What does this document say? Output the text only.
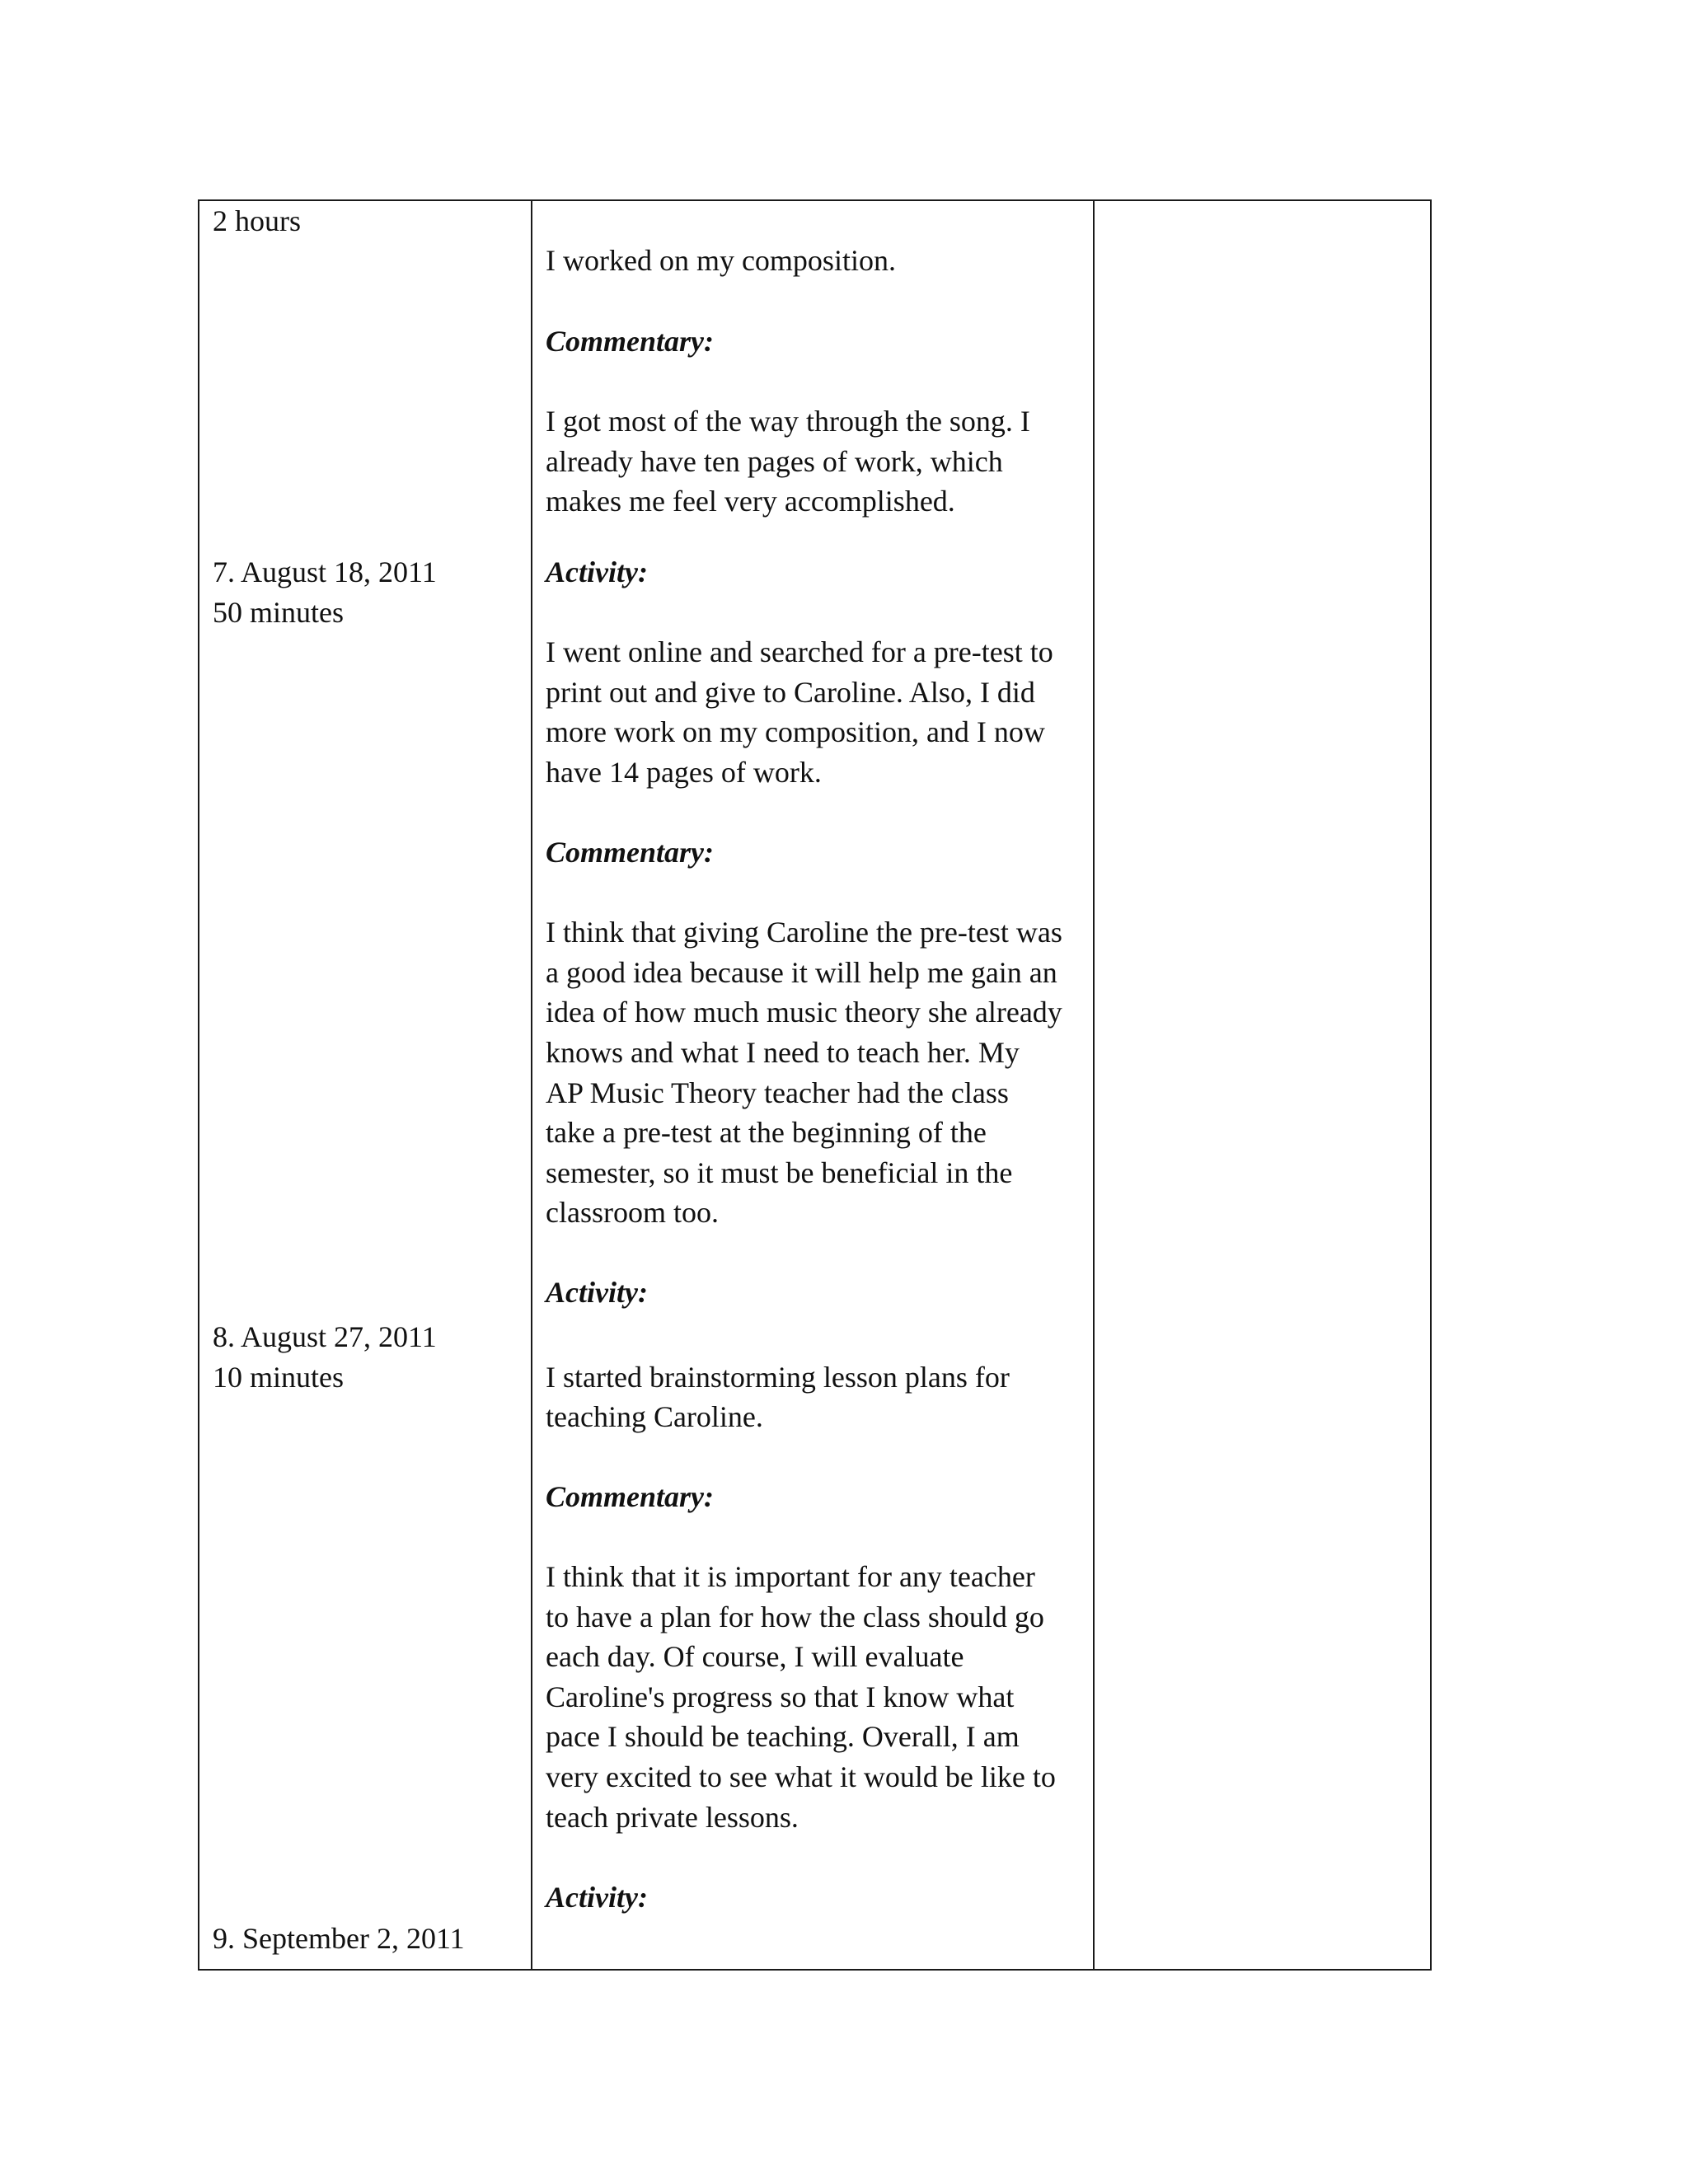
2 hours
7. August 18, 2011
50 minutes
8. August 27, 2011
10 minutes
9. September 2, 2011
I worked on my composition.
Commentary:
I got most of the way through the song. I
already have ten pages of work, which
makes me feel very accomplished.
Activity:
I went online and searched for a pre-test to
print out and give to Caroline. Also, I did
more work on my composition, and I now
have 14 pages of work.
Commentary:
I think that giving Caroline the pre-test was
a good idea because it will help me gain an
idea of how much music theory she already
knows and what I need to teach her. My
AP Music Theory teacher had the class
take a pre-test at the beginning of the
semester, so it must be beneficial in the
classroom too.
Activity:
I started brainstorming lesson plans for
teaching Caroline.
Commentary:
I think that it is important for any teacher
to have a plan for how the class should go
each day. Of course, I will evaluate
Caroline's progress so that I know what
pace I should be teaching. Overall, I am
very excited to see what it would be like to
teach private lessons.
Activity:
